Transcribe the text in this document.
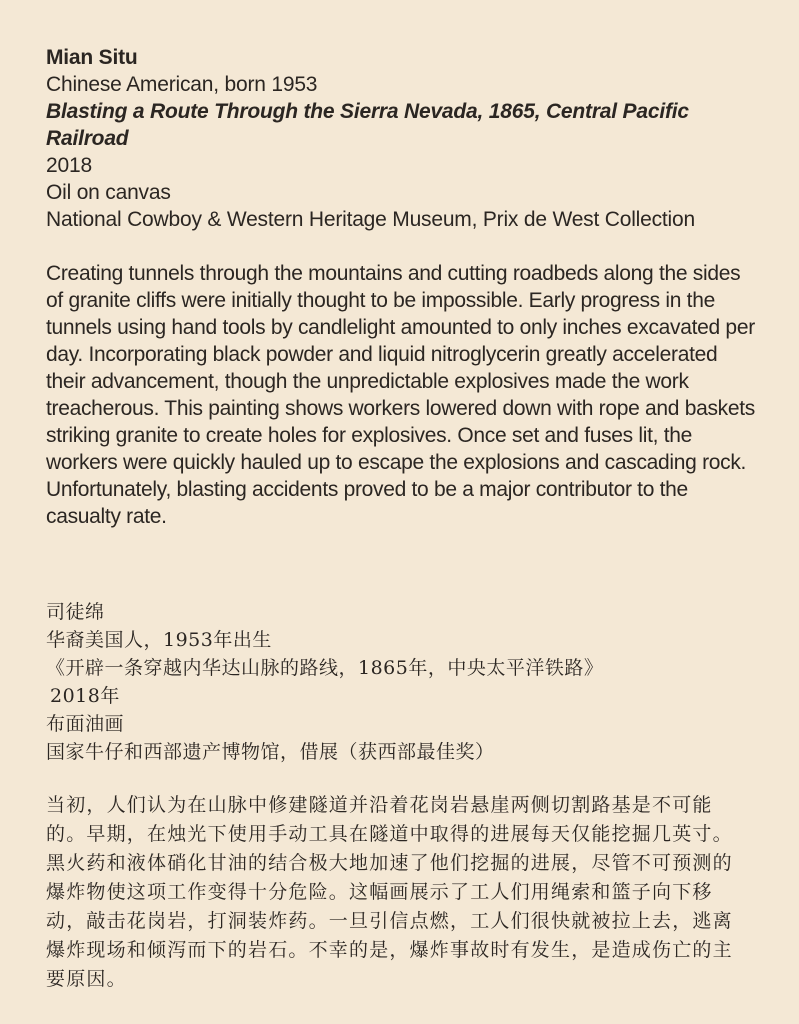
Mian Situ
Chinese American, born 1953
Blasting a Route Through the Sierra Nevada, 1865, Central Pacific Railroad
2018
Oil on canvas
National Cowboy & Western Heritage Museum, Prix de West Collection
Creating tunnels through the mountains and cutting roadbeds along the sides of granite cliffs were initially thought to be impossible. Early progress in the tunnels using hand tools by candlelight amounted to only inches excavated per day. Incorporating black powder and liquid nitroglycerin greatly accelerated their advancement, though the unpredictable explosives made the work treacherous. This painting shows workers lowered down with rope and baskets striking granite to create holes for explosives. Once set and fuses lit, the workers were quickly hauled up to escape the explosions and cascading rock. Unfortunately, blasting accidents proved to be a major contributor to the casualty rate.
司徒绵
华裔美国人，1953年出生
《开辟一条穿越内华达山脉的路线，1865年，中央太平洋铁路》
2018年
布面油画
国家牛仔和西部遗产博物馆，借展（获西部最佳奖）
当初，人们认为在山脉中修建隧道并沿着花岗岩悬崖两侧切割路基是不可能的。早期，在烛光下使用手动工具在隧道中取得的进展每天仅能挖掘几英寸。黑火药和液体硝化甘油的结合极大地加速了他们挖掘的进展，尽管不可预测的爆炸物使这项工作变得十分危险。这幅画展示了工人们用绳索和篮子向下移动，敲击花岗岩，打洞装炸药。一旦引信点燃，工人们很快就被拉上去，逃离爆炸现场和倾泻而下的岩石。不幸的是，爆炸事故时有发生，是造成伤亡的主要原因。
